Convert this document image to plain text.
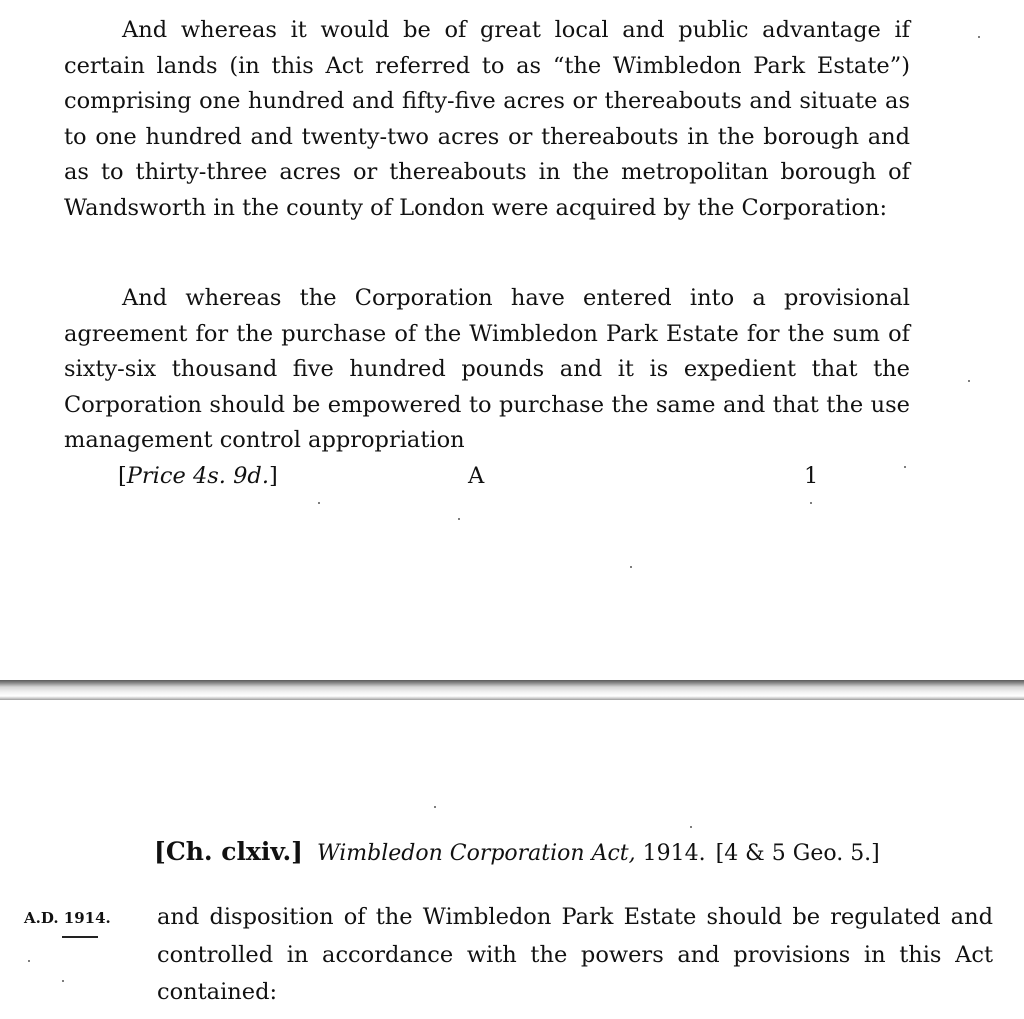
And whereas it would be of great local and public advantage if certain lands (in this Act referred to as “the Wimbledon Park Estate”) comprising one hundred and fifty-five acres or thereabouts and situate as to one hundred and twenty-two acres or thereabouts in the borough and as to thirty-three acres or thereabouts in the metropolitan borough of Wandsworth in the county of London were acquired by the Corporation:

And whereas the Corporation have entered into a provisional agreement for the purchase of the Wimbledon Park Estate for the sum of sixty-six thousand five hundred pounds and it is expedient that the Corporation should be empowered to purchase the same and that the use management control appropriation

[Price 4s. 9d.]	A	1
[Ch. clxiv.] Wimbledon Corporation Act, 1914. [4 & 5 Geo. 5.]
A.D. 1914. and disposition of the Wimbledon Park Estate should be regulated and controlled in accordance with the powers and provisions in this Act contained:
